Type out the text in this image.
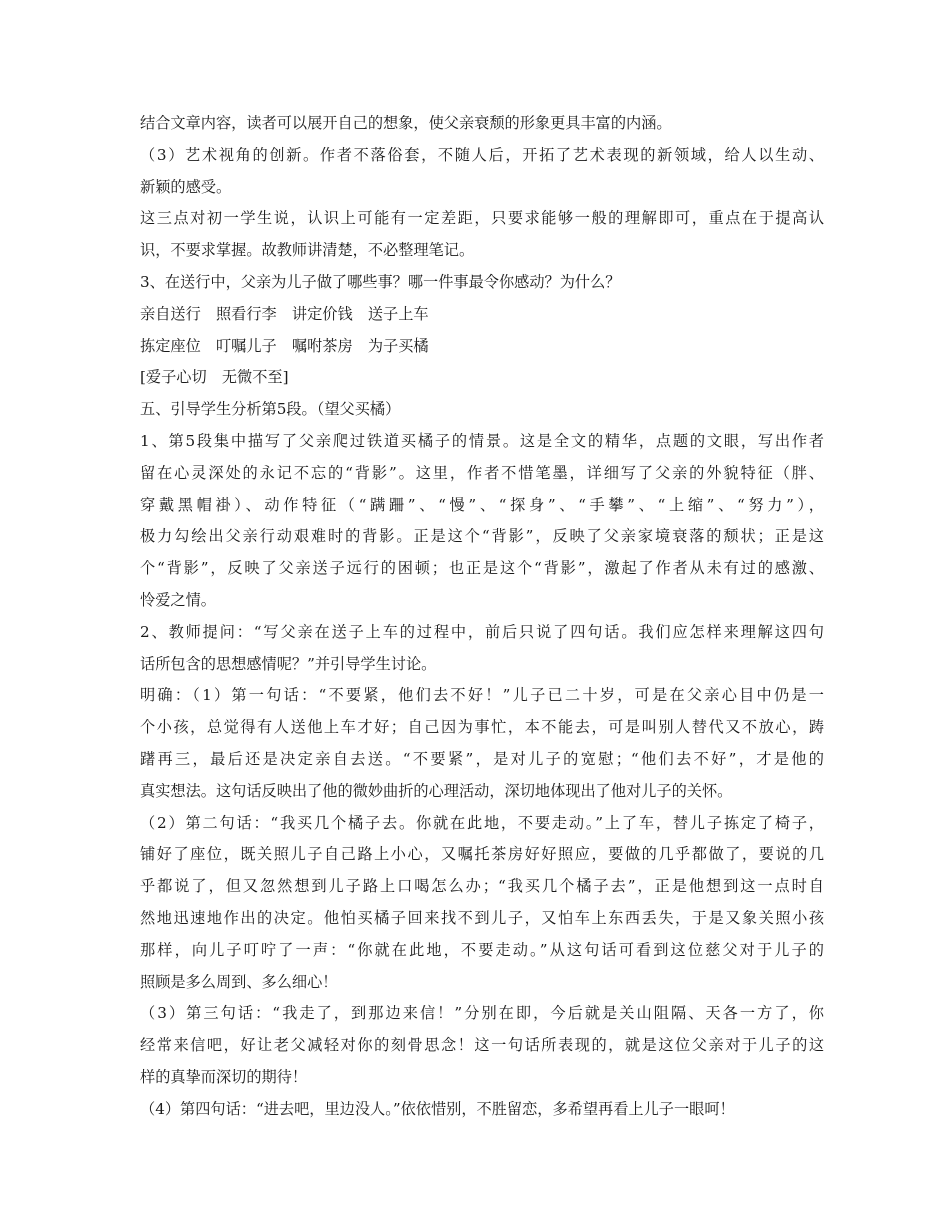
结合文章内容，读者可以展开自己的想象，使父亲衰颓的形象更具丰富的内涵。
（3）艺术视角的创新。作者不落俗套，不随人后，开拓了艺术表现的新领域，给人以生动、
新颖的感受。
这三点对初一学生说，认识上可能有一定差距，只要求能够一般的理解即可，重点在于提高认
识，不要求掌握。故教师讲清楚，不必整理笔记。
3、在送行中，父亲为儿子做了哪些事？哪一件事最令你感动？为什么？
亲自送行　照看行李　讲定价钱　送子上车
拣定座位　叮嘱儿子　嘱咐茶房　为子买橘
[爱子心切　无微不至]
五、引导学生分析第5段。（望父买橘）
1、第5段集中描写了父亲爬过铁道买橘子的情景。这是全文的精华，点题的文眼，写出作者
留在心灵深处的永记不忘的“背影”。这里，作者不惜笔墨，详细写了父亲的外貌特征（胖、
穿戴黑帽褂）、动作特征（“蹒跚”、“慢”、“探身”、“手攀”、“上缩”、“努力”），
极力勾绘出父亲行动艰难时的背影。正是这个“背影”，反映了父亲家境衰落的颓状；正是这
个“背影”，反映了父亲送子远行的困顿；也正是这个“背影”，激起了作者从未有过的感激、
怜爱之情。
2、教师提问：“写父亲在送子上车的过程中，前后只说了四句话。我们应怎样来理解这四句
话所包含的思想感情呢？”并引导学生讨论。
明确：（1）第一句话：“不要紧，他们去不好！”儿子已二十岁，可是在父亲心目中仍是一
个小孩，总觉得有人送他上车才好；自己因为事忙，本不能去，可是叫别人替代又不放心，踌
躇再三，最后还是决定亲自去送。“不要紧”，是对儿子的宽慰；“他们去不好”，才是他的
真实想法。这句话反映出了他的微妙曲折的心理活动，深切地体现出了他对儿子的关怀。
（2）第二句话：“我买几个橘子去。你就在此地，不要走动。”上了车，替儿子拣定了椅子，
铺好了座位，既关照儿子自己路上小心，又嘱托茶房好好照应，要做的几乎都做了，要说的几
乎都说了，但又忽然想到儿子路上口喝怎么办；“我买几个橘子去”，正是他想到这一点时自
然地迅速地作出的决定。他怕买橘子回来找不到儿子，又怕车上东西丢失，于是又象关照小孩
那样，向儿子叮咛了一声：“你就在此地，不要走动。”从这句话可看到这位慈父对于儿子的
照顾是多么周到、多么细心！
（3）第三句话：“我走了，到那边来信！”分别在即，今后就是关山阻隔、天各一方了，你
经常来信吧，好让老父减轻对你的刻骨思念！这一句话所表现的，就是这位父亲对于儿子的这
样的真挚而深切的期待！
（4）第四句话：“进去吧，里边没人。”依依惜别，不胜留恋，多希望再看上儿子一眼呵！
